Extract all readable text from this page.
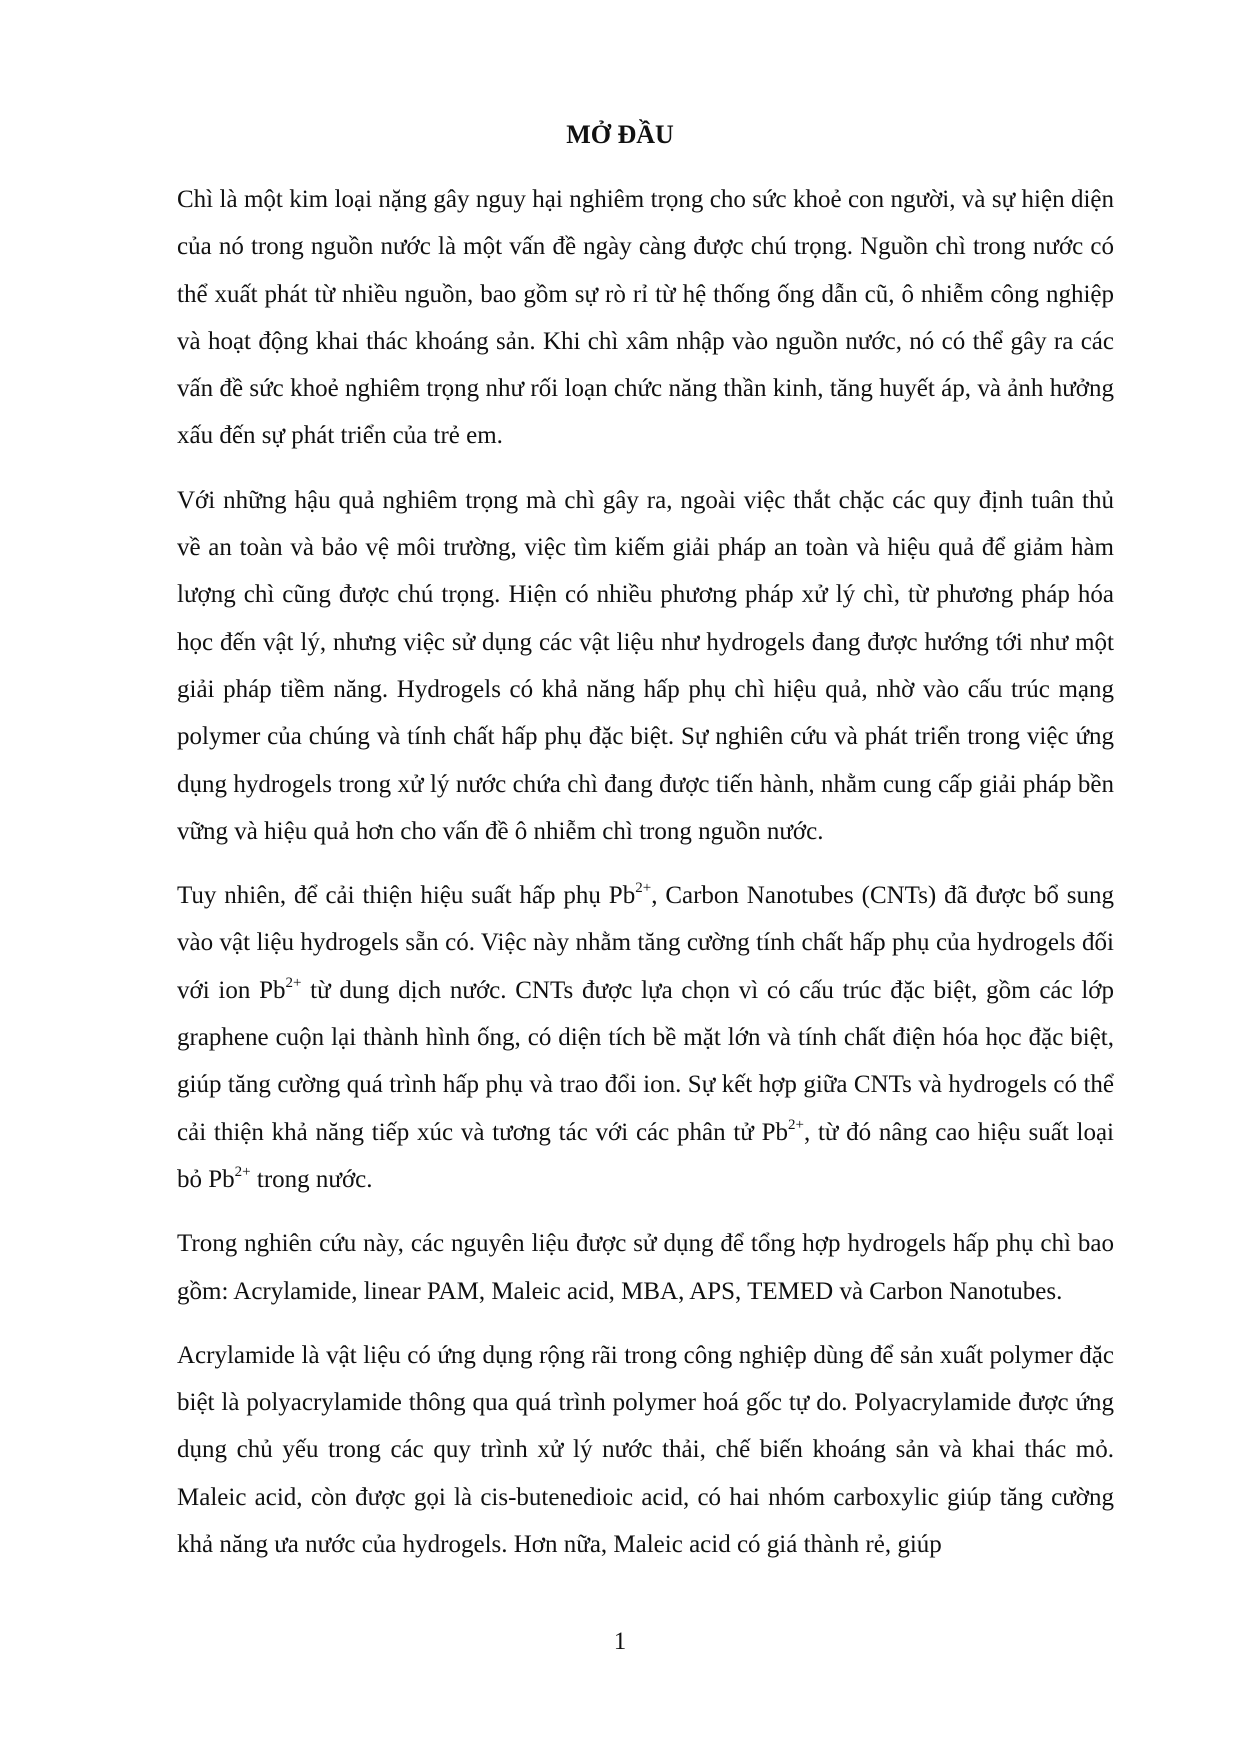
MỞ ĐẦU

Chì là một kim loại nặng gây nguy hại nghiêm trọng cho sức khoẻ con người, và sự hiện diện của nó trong nguồn nước là một vấn đề ngày càng được chú trọng. Nguồn chì trong nước có thể xuất phát từ nhiều nguồn, bao gồm sự rò rỉ từ hệ thống ống dẫn cũ, ô nhiễm công nghiệp và hoạt động khai thác khoáng sản. Khi chì xâm nhập vào nguồn nước, nó có thể gây ra các vấn đề sức khoẻ nghiêm trọng như rối loạn chức năng thần kinh, tăng huyết áp, và ảnh hưởng xấu đến sự phát triển của trẻ em.

Với những hậu quả nghiêm trọng mà chì gây ra, ngoài việc thắt chặc các quy định tuân thủ về an toàn và bảo vệ môi trường, việc tìm kiếm giải pháp an toàn và hiệu quả để giảm hàm lượng chì cũng được chú trọng. Hiện có nhiều phương pháp xử lý chì, từ phương pháp hóa học đến vật lý, nhưng việc sử dụng các vật liệu như hydrogels đang được hướng tới như một giải pháp tiềm năng. Hydrogels có khả năng hấp phụ chì hiệu quả, nhờ vào cấu trúc mạng polymer của chúng và tính chất hấp phụ đặc biệt. Sự nghiên cứu và phát triển trong việc ứng dụng hydrogels trong xử lý nước chứa chì đang được tiến hành, nhằm cung cấp giải pháp bền vững và hiệu quả hơn cho vấn đề ô nhiễm chì trong nguồn nước.

Tuy nhiên, để cải thiện hiệu suất hấp phụ $Pb^{2+}$, Carbon Nanotubes (CNTs) đã được bổ sung vào vật liệu hydrogels sẵn có. Việc này nhằm tăng cường tính chất hấp phụ của hydrogels đối với ion $Pb^{2+}$ từ dung dịch nước. CNTs được lựa chọn vì có cấu trúc đặc biệt, gồm các lớp graphene cuộn lại thành hình ống, có diện tích bề mặt lớn và tính chất điện hóa học đặc biệt, giúp tăng cường quá trình hấp phụ và trao đổi ion. Sự kết hợp giữa CNTs và hydrogels có thể cải thiện khả năng tiếp xúc và tương tác với các phân tử $Pb^{2+}$, từ đó nâng cao hiệu suất loại bỏ $Pb^{2+}$ trong nước.

Trong nghiên cứu này, các nguyên liệu được sử dụng để tổng hợp hydrogels hấp phụ chì bao gồm: Acrylamide, linear PAM, Maleic acid, MBA, APS, TEMED và Carbon Nanotubes.

Acrylamide là vật liệu có ứng dụng rộng rãi trong công nghiệp dùng để sản xuất polymer đặc biệt là polyacrylamide thông qua quá trình polymer hoá gốc tự do. Polyacrylamide được ứng dụng chủ yếu trong các quy trình xử lý nước thải, chế biến khoáng sản và khai thác mỏ. Maleic acid, còn được gọi là cis-butenedioic acid, có hai nhóm carboxylic giúp tăng cường khả năng ưa nước của hydrogels. Hơn nữa, Maleic acid có giá thành rẻ, giúp

1
